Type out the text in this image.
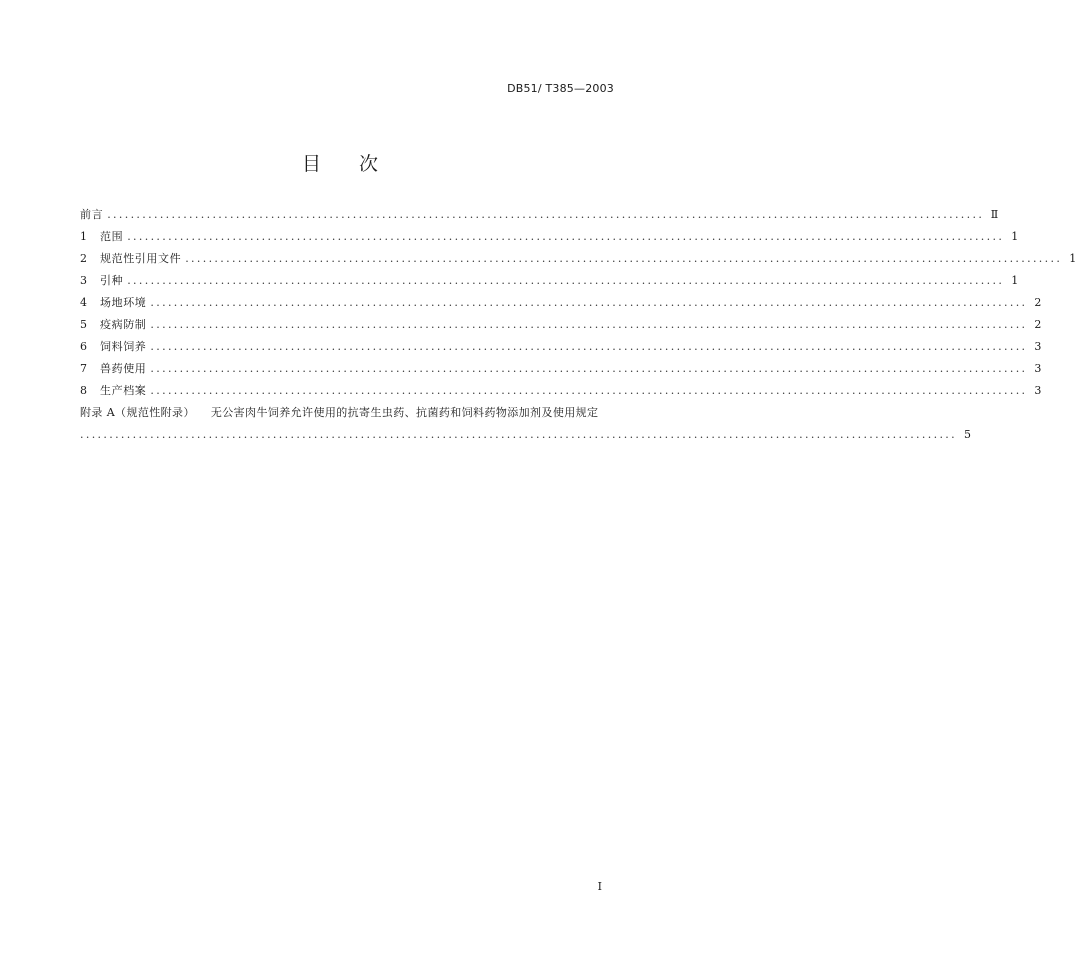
DB51/ T385—2003
目 次
前言 ...................................................................................................................................................... Ⅱ
1	范围 ...................................................................................................................................................... 1
2	规范性引用文件 ...................................................................................................................................................... 1
3	引种 ...................................................................................................................................................... 1
4	场地环境 ...................................................................................................................................................... 2
5	疫病防制 ...................................................................................................................................................... 2
6	饲料饲养 ...................................................................................................................................................... 3
7	兽药使用 ...................................................................................................................................................... 3
8	生产档案 ...................................................................................................................................................... 3
附录 A（规范性附录） 无公害肉牛饲养允许使用的抗寄生虫药、抗菌药和饲料药物添加剂及使用规定
...................................................................................................................................................... 5
I
